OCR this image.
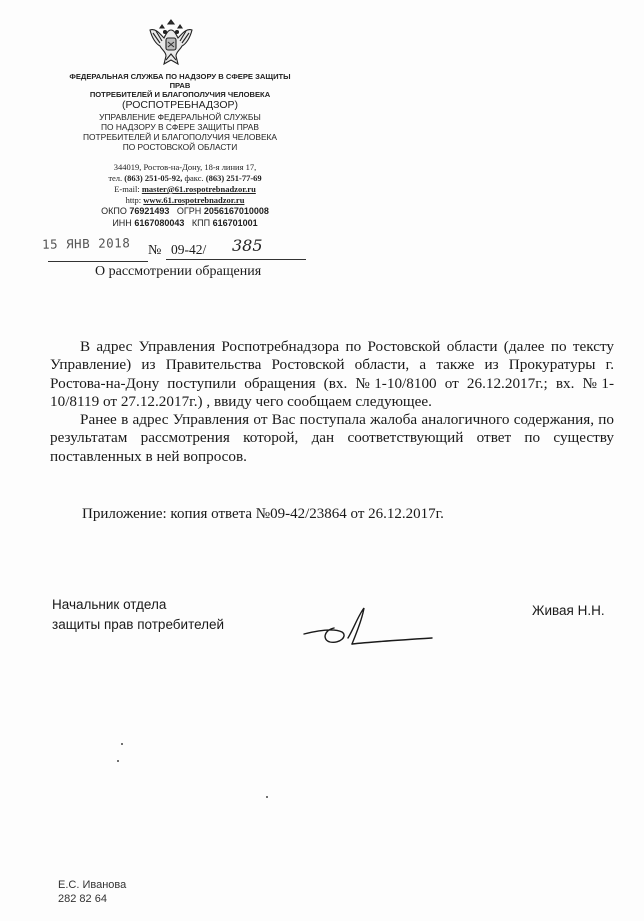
ФЕДЕРАЛЬНАЯ СЛУЖБА ПО НАДЗОРУ В СФЕРЕ ЗАЩИТЫ
ПРАВ
ПОТРЕБИТЕЛЕЙ И БЛАГОПОЛУЧИЯ ЧЕЛОВЕКА
(РОСПОТРЕБНАДЗОР)
УПРАВЛЕНИЕ ФЕДЕРАЛЬНОЙ СЛУЖБЫ
ПО НАДЗОРУ В СФЕРЕ ЗАЩИТЫ ПРАВ
ПОТРЕБИТЕЛЕЙ И БЛАГОПОЛУЧИЯ ЧЕЛОВЕКА
ПО РОСТОВСКОЙ ОБЛАСТИ
344019, Ростов-на-Дону, 18-я линия 17,
тел. (863) 251-05-92, факс. (863) 251-77-69
E-mail: master@61.rospotrebnadzor.ru
http: www.61.rospotrebnadzor.ru
ОКПО 76921493 ОГРН 2056167010008
ИНН 6167080043 КПП 616701001
15 ЯНВ 2018 № 09-42/ 385
О рассмотрении обращения

В адрес Управления Роспотребнадзора по Ростовской области (далее по тексту Управление) из Правительства Ростовской области, а также из Прокуратуры г. Ростова-на-Дону поступили обращения (вх. №1-10/8100 от 26.12.2017г.; вх. №1-10/8119 от 27.12.2017г.) , ввиду чего сообщаем следующее.

Ранее в адрес Управления от Вас поступала жалоба аналогичного содержания, по результатам рассмотрения которой, дан соответствующий ответ по существу поставленных в ней вопросов.

Приложение: копия ответа №09-42/23864 от 26.12.2017г.
Начальник отдела
защиты прав потребителей
Живая Н.Н.
Е.С. Иванова
282 82 64
